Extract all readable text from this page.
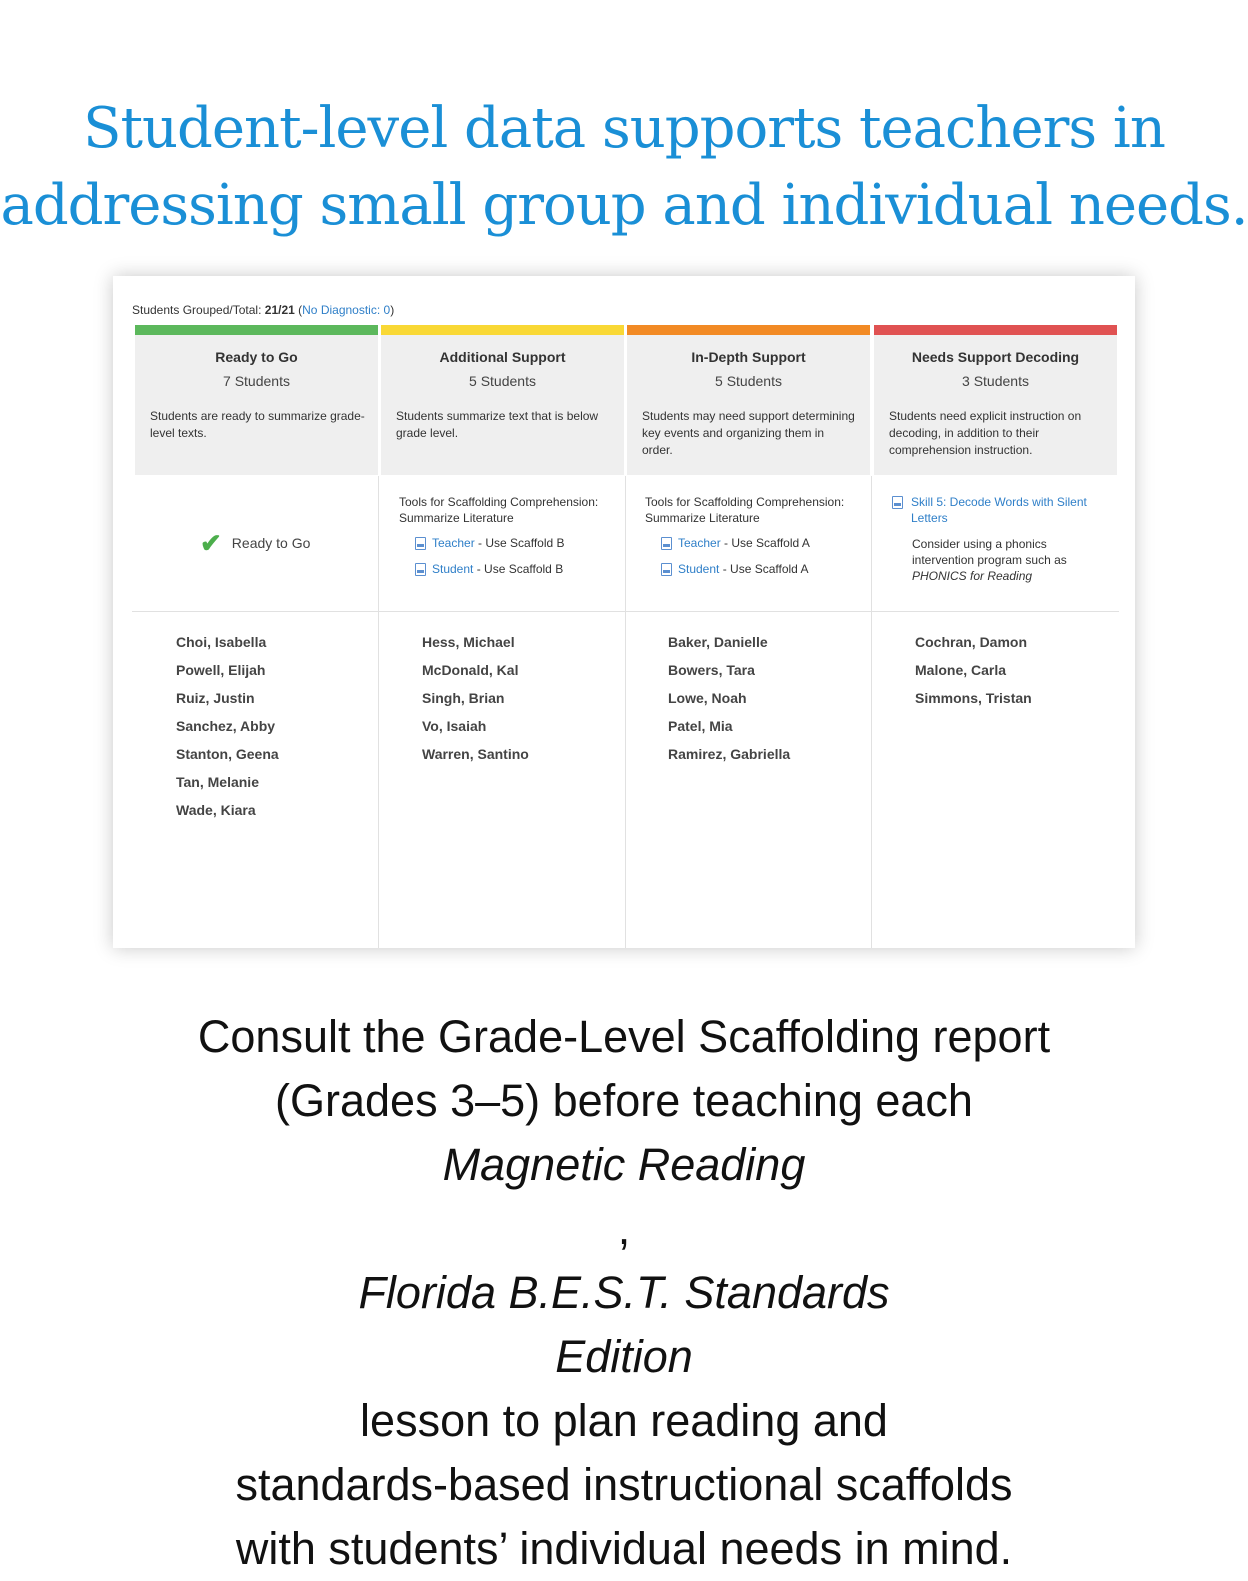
Student-level data supports teachers in
addressing small group and individual needs.
Students Grouped/Total: 21/21 (No Diagnostic: 0)
Ready to Go
7 Students
Students are ready to summarize grade-level texts.
✔ Ready to Go
Choi, Isabella
Powell, Elijah
Ruiz, Justin
Sanchez, Abby
Stanton, Geena
Tan, Melanie
Wade, Kiara
Additional Support
5 Students
Students summarize text that is below grade level.
Tools for Scaffolding Comprehension: Summarize Literature
Teacher - Use Scaffold B
Student - Use Scaffold B
Hess, Michael
McDonald, Kal
Singh, Brian
Vo, Isaiah
Warren, Santino
In-Depth Support
5 Students
Students may need support determining key events and organizing them in order.
Tools for Scaffolding Comprehension: Summarize Literature
Teacher - Use Scaffold A
Student - Use Scaffold A
Baker, Danielle
Bowers, Tara
Lowe, Noah
Patel, Mia
Ramirez, Gabriella
Needs Support Decoding
3 Students
Students need explicit instruction on decoding, in addition to their comprehension instruction.
Skill 5: Decode Words with Silent Letters
Consider using a phonics intervention program such as PHONICS for Reading
Cochran, Damon
Malone, Carla
Simmons, Tristan
Consult the Grade-Level Scaffolding report
(Grades 3–5) before teaching each
Magnetic Reading
,
Florida B.E.S.T. Standards
Edition
lesson to plan reading and
standards-based instructional scaffolds
with students’ individual needs in mind.
